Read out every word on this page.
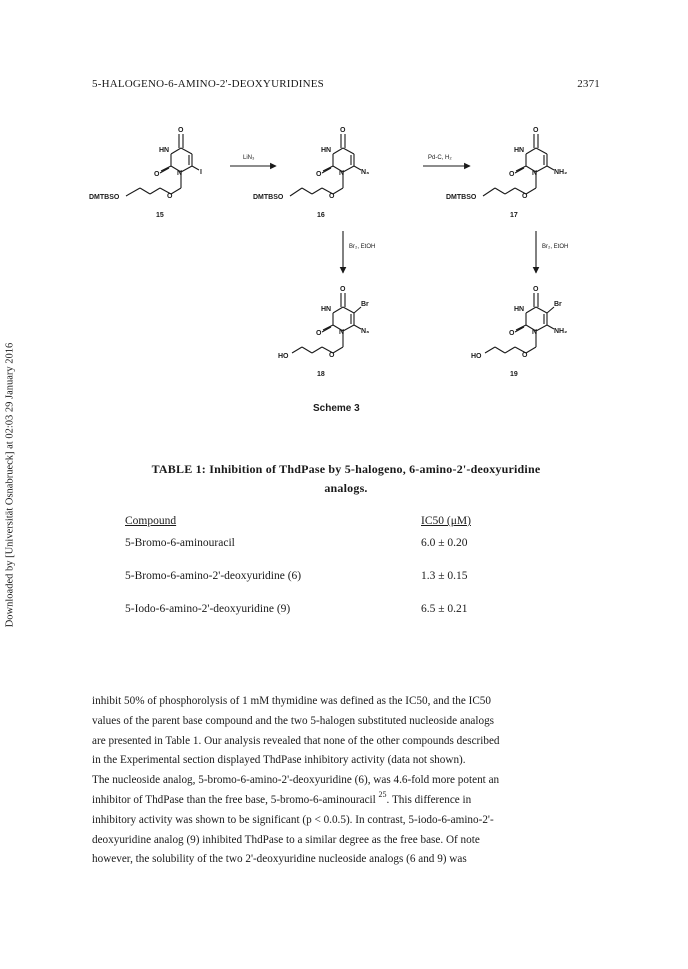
5-HALOGENO-6-AMINO-2'-DEOXYURIDINES	2371
Downloaded by [Universität Osnabrueck] at 02:03 29 January 2016
O
HN
N
O	I
O
DMTBSO
15
O
HN
N
O	N₃
O
DMTBSO
16
O
HN
N
O	NH₂
O
DMTBSO
17
O
HN
N
O	N₃
Br
O
HO
18
O
HN
N
O	NH₂
Br
O
HO
19
LiN₃	Pd-C, H₂
Br₂, EtOH	Br₂, EtOH
Scheme 3
TABLE 1: Inhibition of ThdPase by 5-halogeno, 6-amino-2'-deoxyuridine
analogs.
Compound	IC50 (μM)
5-Bromo-6-aminouracil	6.0 ± 0.20
5-Bromo-6-amino-2'-deoxyuridine (6)	1.3 ± 0.15
5-Iodo-6-amino-2'-deoxyuridine (9)	6.5 ± 0.21

inhibit 50% of phosphorolysis of 1 mM thymidine was defined as the IC50, and the IC50

values of the parent base compound and the two 5-halogen substituted nucleoside analogs

are presented in Table 1. Our analysis revealed that none of the other compounds described

in the Experimental section displayed ThdPase inhibitory activity (data not shown).

The nucleoside analog, 5-bromo-6-amino-2'-deoxyuridine (6), was 4.6-fold more potent an

inhibitor of ThdPase than the free base, 5-bromo-6-aminouracil $^{25}$. This difference in

inhibitory activity was shown to be significant (p < 0.0.5). In contrast, 5-iodo-6-amino-2'-

deoxyuridine analog (9) inhibited ThdPase to a similar degree as the free base. Of note

however, the solubility of the two 2'-deoxyuridine nucleoside analogs (6 and 9) was
